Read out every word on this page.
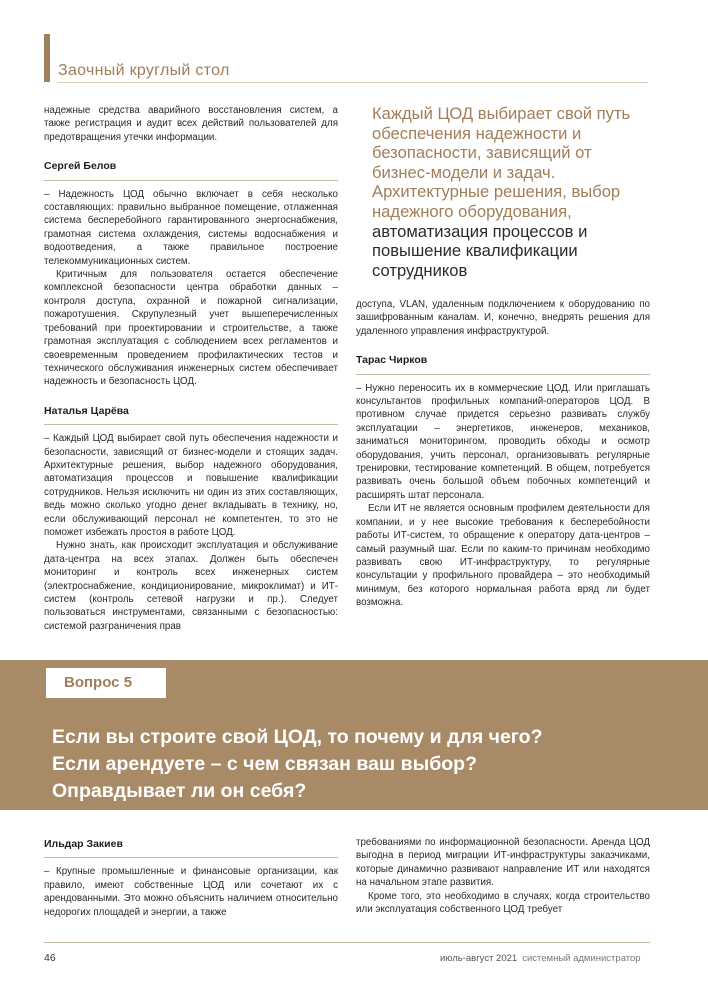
Заочный круглый стол

надежные средства аварийного восстановления систем, а также регистрация и аудит всех действий пользователей для предотвращения утечки информации.

Сергей Белов

– Надежность ЦОД обычно включает в себя несколько составляющих: правильно выбранное помещение, отлаженная система бесперебойного гарантированного энергоснабжения, грамотная система охлаждения, системы водоснабжения и водоотведения, а также правильное построение телекоммуникационных систем.

Критичным для пользователя остается обеспечение комплексной безопасности центра обработки данных – контроля доступа, охранной и пожарной сигнализации, пожаротушения. Скрупулезный учет вышеперечисленных требований при проектировании и строительстве, а также грамотная эксплуатация с соблюдением всех регламентов и своевременным проведением профилактических тестов и технического обслуживания инженерных систем обеспечивает надежность и безопасность ЦОД.

Наталья Царёва

– Каждый ЦОД выбирает свой путь обеспечения надежности и безопасности, зависящий от бизнес-модели и стоящих задач. Архитектурные решения, выбор надежного оборудования, автоматизация процессов и повышение квалификации сотрудников. Нельзя исключить ни один из этих составляющих, ведь можно сколько угодно денег вкладывать в технику, но, если обслуживающий персонал не компетентен, то это не поможет избежать простоя в работе ЦОД.

Нужно знать, как происходит эксплуатация и обслуживание дата-центра на всех этапах. Должен быть обеспечен мониторинг и контроль всех инженерных систем (электроснабжение, кондиционирование, микроклимат) и ИТ-систем (контроль сетевой нагрузки и пр.). Следует пользоваться инструментами, связанными с безопасностью: системой разграничения прав

Каждый ЦОД выбирает свой путь обеспечения надежности и безопасности, зависящий от бизнес-модели и задач. Архитектурные решения, выбор надежного оборудования, автоматизация процессов и повышение квалификации сотрудников

доступа, VLAN, удаленным подключением к оборудованию по зашифрованным каналам. И, конечно, внедрять решения для удаленного управления инфраструктурой.

Тарас Чирков

– Нужно переносить их в коммерческие ЦОД. Или приглашать консультантов профильных компаний-операторов ЦОД. В противном случае придется серьезно развивать службу эксплуатации – энергетиков, инженеров, механиков, заниматься мониторингом, проводить обходы и осмотр оборудования, учить персонал, организовывать регулярные тренировки, тестирование компетенций. В общем, потребуется развивать очень большой объем побочных компетенций и расширять штат персонала.

Если ИТ не является основным профилем деятельности для компании, и у нее высокие требования к бесперебойности работы ИТ-систем, то обращение к оператору дата-центров – самый разумный шаг. Если по каким-то причинам необходимо развивать свою ИТ-инфраструктуру, то регулярные консультации у профильного провайдера – это необходимый минимум, без которого нормальная работа вряд ли будет возможна.

Вопрос 5
Если вы строите свой ЦОД, то почему и для чего?
Если арендуете – с чем связан ваш выбор?
Оправдывает ли он себя?
Ильдар Закиев

– Крупные промышленные и финансовые организации, как правило, имеют собственные ЦОД или сочетают их с арендованными. Это можно объяснить наличием относительно недорогих площадей и энергии, а также

требованиями по информационной безопасности. Аренда ЦОД выгодна в период миграции ИТ-инфраструктуры заказчиками, которые динамично развивают направление ИТ или находятся на начальном этапе развития.

Кроме того, это необходимо в случаях, когда строительство или эксплуатация собственного ЦОД требует

46	июль-август 2021 системный администратор
